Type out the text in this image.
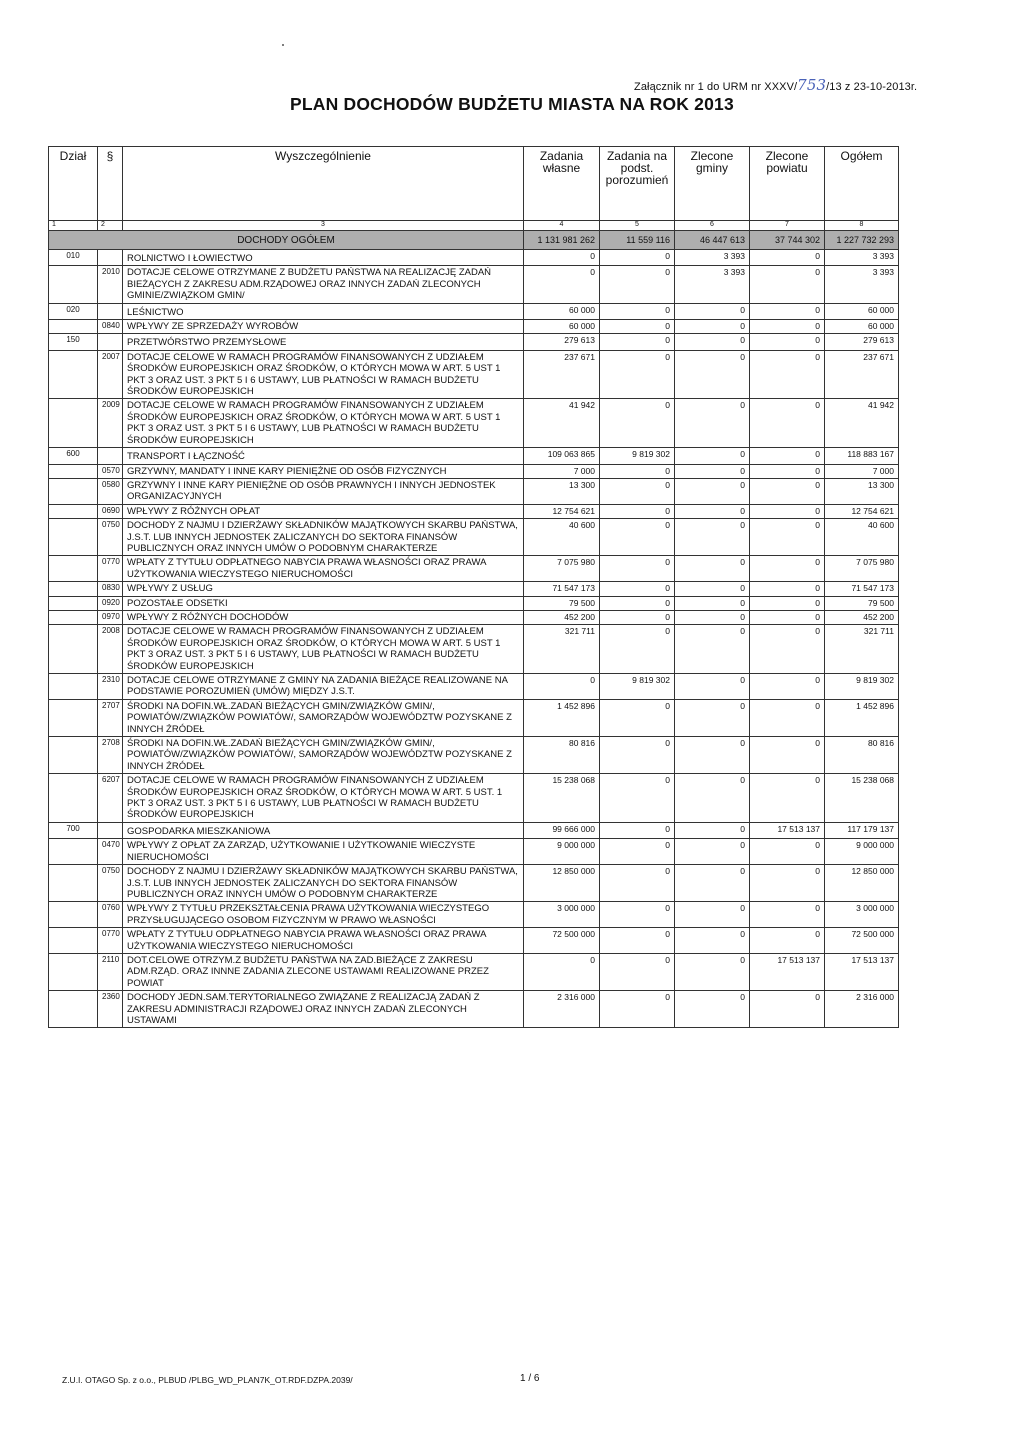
Załącznik nr 1 do URM nr XXXV/753/13 z 23-10-2013r.
PLAN DOCHODÓW BUDŻETU MIASTA NA ROK 2013
Dział	§	Wyszczególnienie	Zadania własne	Zadania na podst. porozumień	Zlecone gminy	Zlecone powiatu	Ogółem
1	2	3	4	5	6	7	8
DOCHODY OGÓŁEM			1 131 981 262	11 559 116	46 447 613	37 744 302	1 227 732 293
010		ROLNICTWO I ŁOWIECTWO	0	0	3 393	0	3 393
	2010	DOTACJE CELOWE OTRZYMANE Z BUDŻETU PAŃSTWA NA REALIZACJĘ ZADAŃ BIEŻĄCYCH Z ZAKRESU ADM.RZĄDOWEJ ORAZ INNYCH ZADAŃ ZLECONYCH GMINIE/ZWIĄZKOM GMIN/	0	0	3 393	0	3 393
020		LEŚNICTWO	60 000	0	0	0	60 000
	0840	WPŁYWY ZE SPRZEDAŻY WYROBÓW	60 000	0	0	0	60 000
150		PRZETWÓRSTWO PRZEMYSŁOWE	279 613	0	0	0	279 613
	2007	DOTACJE CELOWE W RAMACH PROGRAMÓW FINANSOWANYCH Z UDZIAŁEM ŚRODKÓW EUROPEJSKICH ORAZ ŚRODKÓW, O KTÓRYCH MOWA W ART. 5 UST 1 PKT 3 ORAZ UST. 3 PKT 5 I 6 USTAWY, LUB PŁATNOŚCI W RAMACH BUDŻETU ŚRODKÓW EUROPEJSKICH	237 671	0	0	0	237 671
	2009	DOTACJE CELOWE W RAMACH PROGRAMÓW FINANSOWANYCH Z UDZIAŁEM ŚRODKÓW EUROPEJSKICH ORAZ ŚRODKÓW, O KTÓRYCH MOWA W ART. 5 UST 1 PKT 3 ORAZ UST. 3 PKT 5 I 6 USTAWY, LUB PŁATNOŚCI W RAMACH BUDŻETU ŚRODKÓW EUROPEJSKICH	41 942	0	0	0	41 942
600		TRANSPORT I ŁĄCZNOŚĆ	109 063 865	9 819 302	0	0	118 883 167
	0570	GRZYWNY, MANDATY I INNE KARY PIENIĘŻNE OD OSÓB FIZYCZNYCH	7 000	0	0	0	7 000
	0580	GRZYWNY I INNE KARY PIENIĘŻNE OD OSÓB PRAWNYCH I INNYCH JEDNOSTEK ORGANIZACYJNYCH	13 300	0	0	0	13 300
	0690	WPŁYWY Z RÓŻNYCH OPŁAT	12 754 621	0	0	0	12 754 621
	0750	DOCHODY Z NAJMU I DZIERŻAWY SKŁADNIKÓW MAJĄTKOWYCH SKARBU PAŃSTWA, J.S.T. LUB INNYCH JEDNOSTEK ZALICZANYCH DO SEKTORA FINANSÓW PUBLICZNYCH ORAZ INNYCH UMÓW O PODOBNYM CHARAKTERZE	40 600	0	0	0	40 600
	0770	WPŁATY Z TYTUŁU ODPŁATNEGO NABYCIA PRAWA WŁASNOŚCI ORAZ PRAWA UŻYTKOWANIA WIECZYSTEGO NIERUCHOMOŚCI	7 075 980	0	0	0	7 075 980
	0830	WPŁYWY Z USŁUG	71 547 173	0	0	0	71 547 173
	0920	POZOSTAŁE ODSETKI	79 500	0	0	0	79 500
	0970	WPŁYWY Z RÓŻNYCH DOCHODÓW	452 200	0	0	0	452 200
	2008	DOTACJE CELOWE W RAMACH PROGRAMÓW FINANSOWANYCH Z UDZIAŁEM ŚRODKÓW EUROPEJSKICH ORAZ ŚRODKÓW, O KTÓRYCH MOWA W ART. 5 UST 1 PKT 3 ORAZ UST. 3 PKT 5 I 6 USTAWY, LUB PŁATNOŚCI W RAMACH BUDŻETU ŚRODKÓW EUROPEJSKICH	321 711	0	0	0	321 711
	2310	DOTACJE CELOWE OTRZYMANE Z GMINY NA ZADANIA BIEŻĄCE REALIZOWANE NA PODSTAWIE POROZUMIEŃ (UMÓW) MIĘDZY J.S.T.	0	9 819 302	0	0	9 819 302
	2707	ŚRODKI NA DOFIN.WŁ.ZADAŃ BIEŻĄCYCH GMIN/ZWIĄZKÓW GMIN/, POWIATÓW/ZWIĄZKÓW POWIATÓW/, SAMORZĄDÓW WOJEWÓDZTW POZYSKANE Z INNYCH ŹRÓDEŁ	1 452 896	0	0	0	1 452 896
	2708	ŚRODKI NA DOFIN.WŁ.ZADAŃ BIEŻĄCYCH GMIN/ZWIĄZKÓW GMIN/, POWIATÓW/ZWIĄZKÓW POWIATÓW/, SAMORZĄDÓW WOJEWÓDZTW POZYSKANE Z INNYCH ŹRÓDEŁ	80 816	0	0	0	80 816
	6207	DOTACJE CELOWE W RAMACH PROGRAMÓW FINANSOWANYCH Z UDZIAŁEM ŚRODKÓW EUROPEJSKICH ORAZ ŚRODKÓW, O KTÓRYCH MOWA W ART. 5 UST. 1 PKT 3 ORAZ UST. 3 PKT 5 I 6 USTAWY, LUB PŁATNOŚCI W RAMACH BUDŻETU ŚRODKÓW EUROPEJSKICH	15 238 068	0	0	0	15 238 068
700		GOSPODARKA MIESZKANIOWA	99 666 000	0	0	17 513 137	117 179 137
	0470	WPŁYWY Z OPŁAT ZA ZARZĄD, UŻYTKOWANIE I UŻYTKOWANIE WIECZYSTE NIERUCHOMOŚCI	9 000 000	0	0	0	9 000 000
	0750	DOCHODY Z NAJMU I DZIERŻAWY SKŁADNIKÓW MAJĄTKOWYCH SKARBU PAŃSTWA, J.S.T. LUB INNYCH JEDNOSTEK ZALICZANYCH DO SEKTORA FINANSÓW PUBLICZNYCH ORAZ INNYCH UMÓW O PODOBNYM CHARAKTERZE	12 850 000	0	0	0	12 850 000
	0760	WPŁYWY Z TYTUŁU PRZEKSZTAŁCENIA PRAWA UŻYTKOWANIA WIECZYSTEGO PRZYSŁUGUJĄCEGO OSOBOM FIZYCZNYM W PRAWO WŁASNOŚCI	3 000 000	0	0	0	3 000 000
	0770	WPŁATY Z TYTUŁU ODPŁATNEGO NABYCIA PRAWA WŁASNOŚCI ORAZ PRAWA UŻYTKOWANIA WIECZYSTEGO NIERUCHOMOŚCI	72 500 000	0	0	0	72 500 000
	2110	DOT.CELOWE OTRZYM.Z BUDŻETU PAŃSTWA NA ZAD.BIEŻĄCE Z ZAKRESU ADM.RZĄD. ORAZ INNNE ZADANIA ZLECONE USTAWAMI REALIZOWANE PRZEZ POWIAT	0	0	0	17 513 137	17 513 137
	2360	DOCHODY JEDN.SAM.TERYTORIALNEGO ZWIĄZANE Z REALIZACJĄ ZADAŃ Z ZAKRESU ADMINISTRACJI RZĄDOWEJ ORAZ INNYCH ZADAŃ ZLECONYCH USTAWAMI	2 316 000	0	0	0	2 316 000
Z.U.I. OTAGO Sp. z o.o., PLBUD /PLBG_WD_PLAN7K_OT.RDF.DZPA.2039/	1 / 6
